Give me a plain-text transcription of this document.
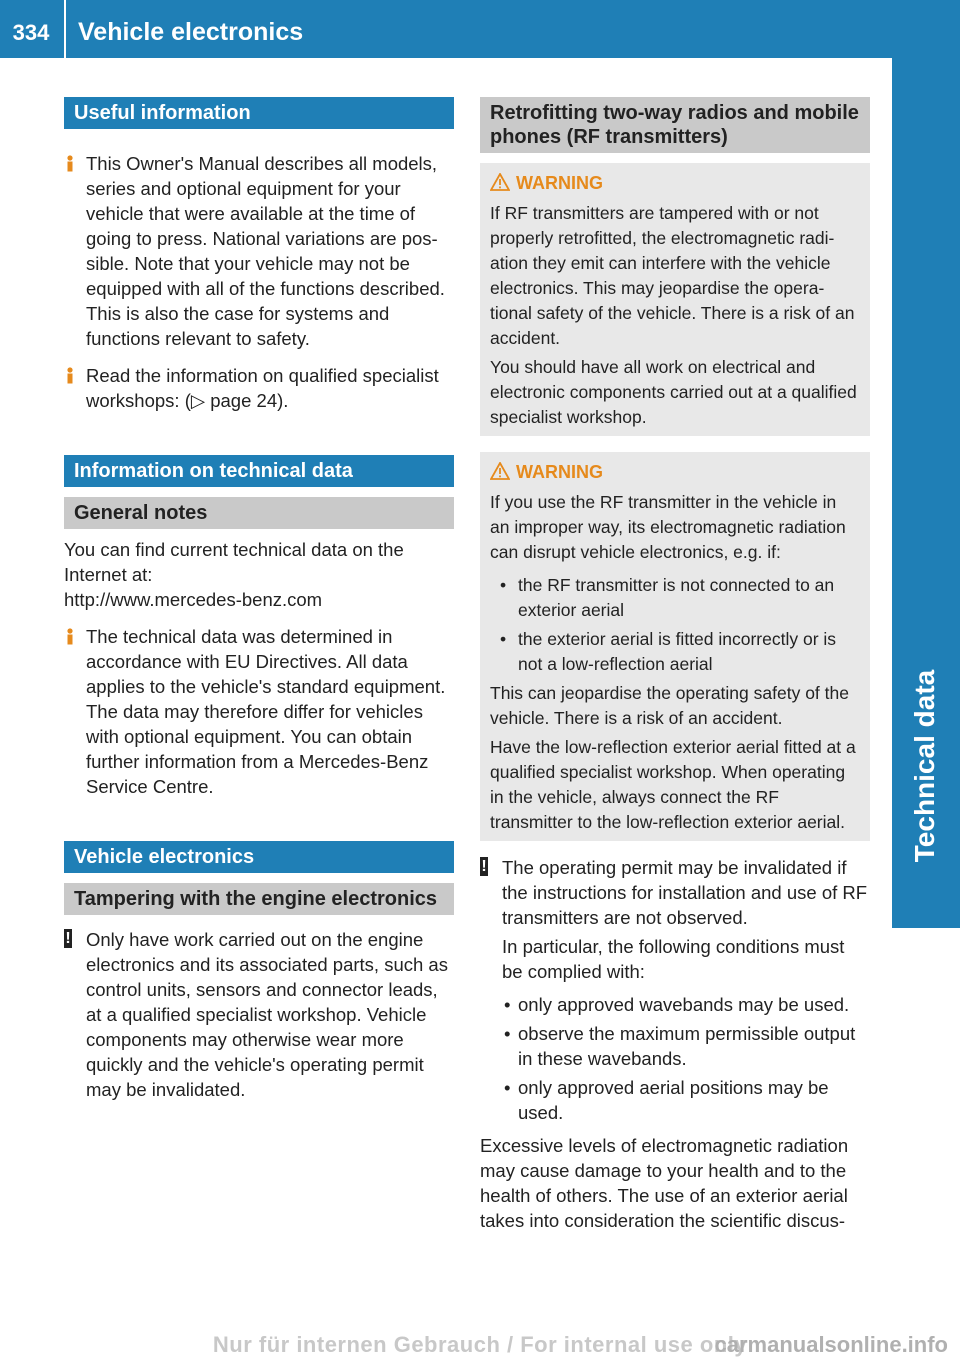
334	Vehicle electronics
Technical data
Useful information
This Owner's Manual describes all models, series and optional equipment for your vehicle that were available at the time of going to press. National variations are possible. Note that your vehicle may not be equipped with all of the functions described. This is also the case for systems and functions relevant to safety.
Read the information on qualified specialist workshops: (▷ page 24).
Information on technical data
General notes

You can find current technical data on the Internet at:

http://www.mercedes-benz.com

The technical data was determined in accordance with EU Directives. All data applies to the vehicle's standard equipment. The data may therefore differ for vehicles with optional equipment. You can obtain further information from a Mercedes-Benz Service Centre.
Vehicle electronics
Tampering with the engine electronics
! Only have work carried out on the engine electronics and its associated parts, such as control units, sensors and connector leads, at a qualified specialist workshop. Vehicle components may otherwise wear more quickly and the vehicle's operating permit may be invalidated.
Retrofitting two-way radios and mobile phones (RF transmitters)
WARNING

If RF transmitters are tampered with or not properly retrofitted, the electromagnetic radiation they emit can interfere with the vehicle electronics. This may jeopardise the operational safety of the vehicle. There is a risk of an accident.

You should have all work on electrical and electronic components carried out at a qualified specialist workshop.

WARNING

If you use the RF transmitter in the vehicle in an improper way, its electromagnetic radiation can disrupt vehicle electronics, e.g. if:

• the RF transmitter is not connected to an exterior aerial
• the exterior aerial is fitted incorrectly or is not a low-reflection aerial

This can jeopardise the operating safety of the vehicle. There is a risk of an accident.

Have the low-reflection exterior aerial fitted at a qualified specialist workshop. When operating in the vehicle, always connect the RF transmitter to the low-reflection exterior aerial.

! The operating permit may be invalidated if the instructions for installation and use of RF transmitters are not observed.

In particular, the following conditions must be complied with:

• only approved wavebands may be used.
• observe the maximum permissible output in these wavebands.
• only approved aerial positions may be used.

Excessive levels of electromagnetic radiation may cause damage to your health and to the health of others. The use of an exterior aerial takes into consideration the scientific discus-

Nur für internen Gebrauch / For internal use only
carmanualsonline.info
